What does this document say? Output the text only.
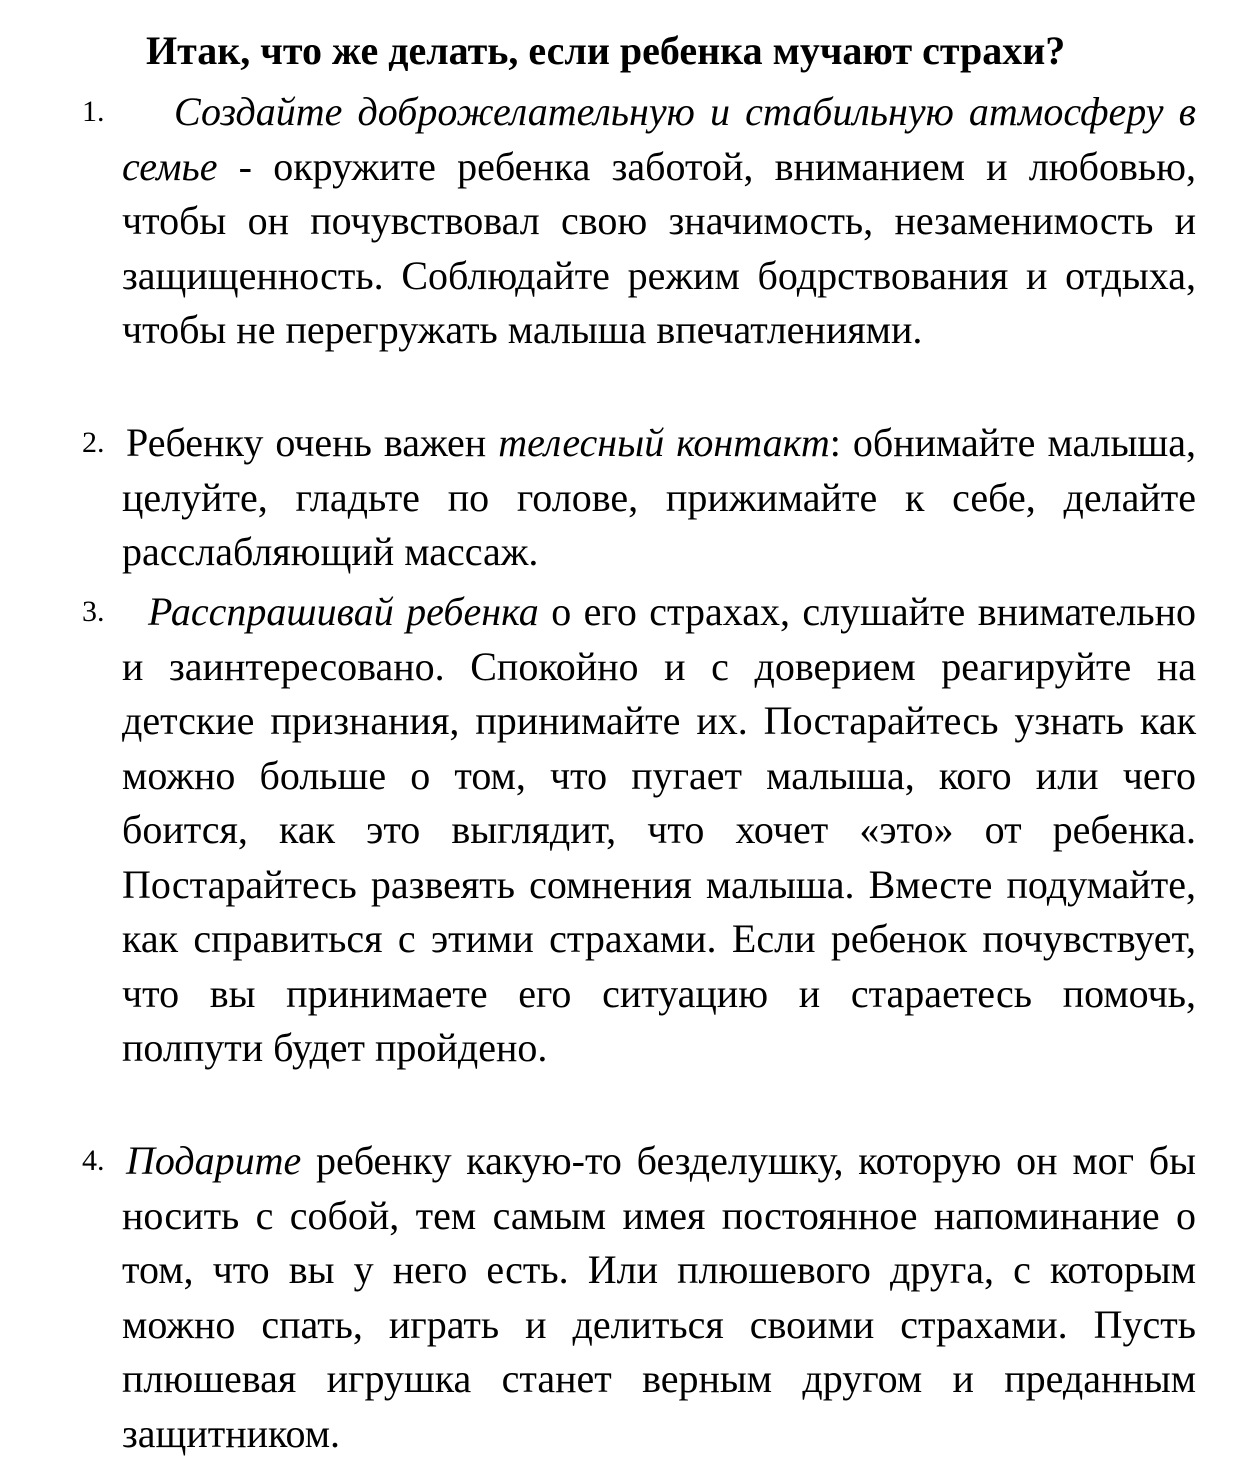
Итак, что же делать, если ребенка мучают страхи?
1.	Создайте доброжелательную и стабильную атмосферу в семье - окружите ребенка заботой, вниманием и любовью, чтобы он почувствовал свою значимость, незаменимость и защищенность. Соблюдайте режим бодрствования и отдыха, чтобы не перегружать малыша впечатлениями.
2. Ребенку очень важен телесный контакт: обнимайте малыша, целуйте, гладьте по голове, прижимайте к себе, делайте расслабляющий массаж.
3.	Расспрашивай ребенка о его страхах, слушайте внимательно и заинтересовано. Спокойно и с доверием реагируйте на детские признания, принимайте их. Постарайтесь узнать как можно больше о том, что пугает малыша, кого или чего боится, как это выглядит, что хочет «это» от ребенка. Постарайтесь развеять сомнения малыша. Вместе подумайте, как справиться с этими страхами. Если ребенок почувствует, что вы принимаете его ситуацию и стараетесь помочь, полпути будет пройдено.
4. Подарите ребенку какую-то безделушку, которую он мог бы носить с собой, тем самым имея постоянное напоминание о том, что вы у него есть. Или плюшевого друга, с которым можно спать, играть и делиться своими страхами. Пусть плюшевая игрушка станет верным другом и преданным защитником.
